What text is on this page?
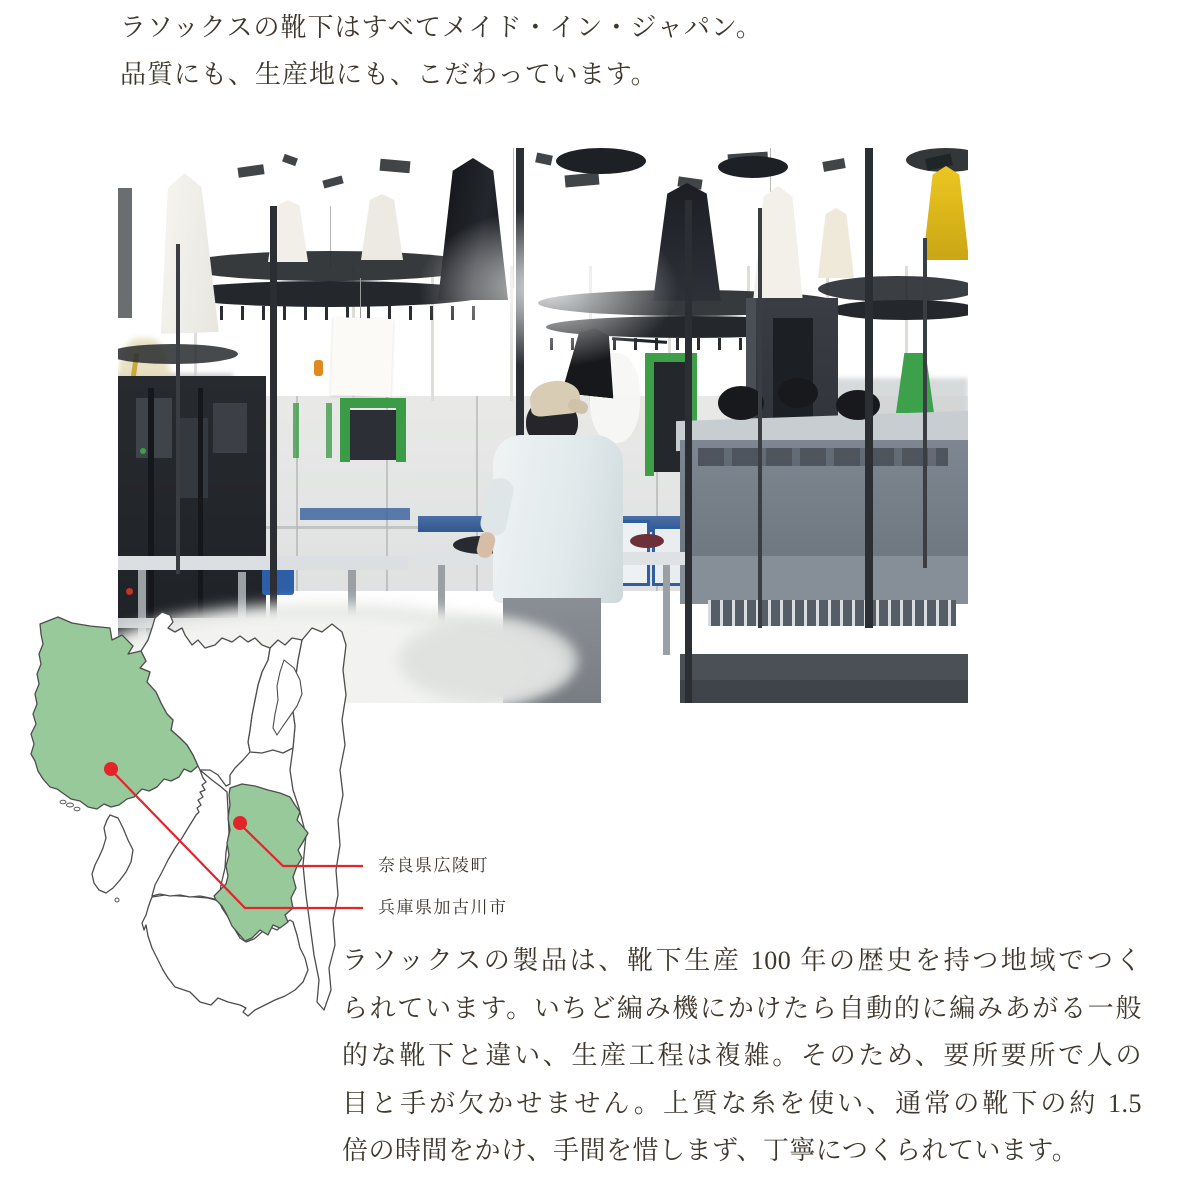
ラソックスの靴下はすべてメイド・イン・ジャパン。
品質にも、生産地にも、こだわっています。
奈良県広陵町
兵庫県加古川市
ラソックスの製品は、靴下生産 100 年の歴史を持つ地域でつく
られています。いちど編み機にかけたら自動的に編みあがる一般
的な靴下と違い、生産工程は複雑。そのため、要所要所で人の
目と手が欠かせません。上質な糸を使い、通常の靴下の約 1.5
倍の時間をかけ、手間を惜しまず、丁寧につくられています。
